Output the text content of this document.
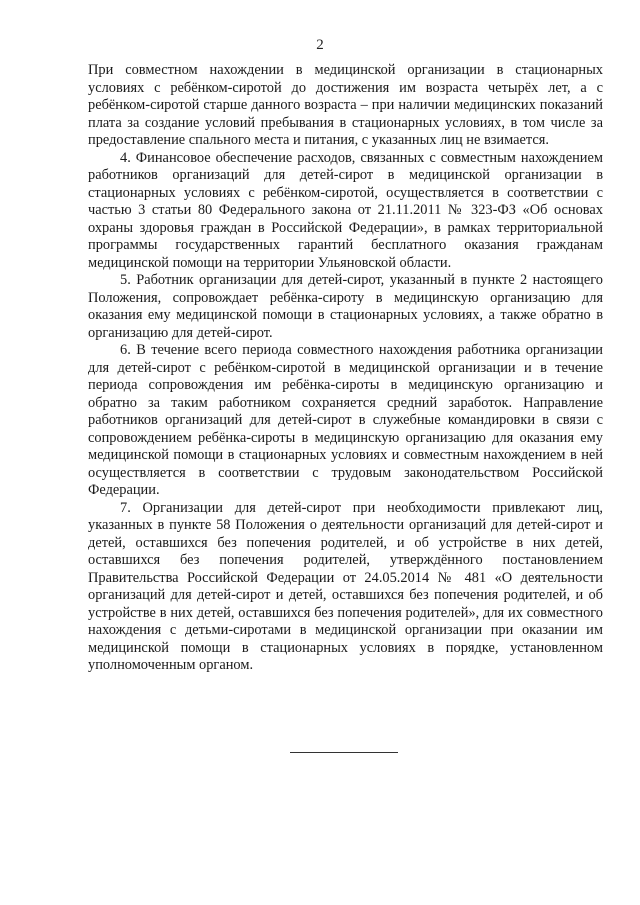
2

При совместном нахождении в медицинской организации в стационарных условиях с ребёнком-сиротой до достижения им возраста четырёх лет, а с ребёнком-сиротой старше данного возраста – при наличии медицинских показаний плата за создание условий пребывания в стационарных условиях, в том числе за предоставление спального места и питания, с указанных лиц не взимается.

4. Финансовое обеспечение расходов, связанных с совместным нахождением работников организаций для детей-сирот в медицинской организации в стационарных условиях с ребёнком-сиротой, осуществляется в соответствии с частью 3 статьи 80 Федерального закона от 21.11.2011 № 323-ФЗ «Об основах охраны здоровья граждан в Российской Федерации», в рамках территориальной программы государственных гарантий бесплатного оказания гражданам медицинской помощи на территории Ульяновской области.

5. Работник организации для детей-сирот, указанный в пункте 2 настоящего Положения, сопровождает ребёнка-сироту в медицинскую организацию для оказания ему медицинской помощи в стационарных условиях, а также обратно в организацию для детей-сирот.

6. В течение всего периода совместного нахождения работника организации для детей-сирот с ребёнком-сиротой в медицинской организации и в течение периода сопровождения им ребёнка-сироты в медицинскую организацию и обратно за таким работником сохраняется средний заработок. Направление работников организаций для детей-сирот в служебные командировки в связи с сопровождением ребёнка-сироты в медицинскую организацию для оказания ему медицинской помощи в стационарных условиях и совместным нахождением в ней осуществляется в соответствии с трудовым законодательством Российской Федерации.

7. Организации для детей-сирот при необходимости привлекают лиц, указанных в пункте 58 Положения о деятельности организаций для детей-сирот и детей, оставшихся без попечения родителей, и об устройстве в них детей, оставшихся без попечения родителей, утверждённого постановлением Правительства Российской Федерации от 24.05.2014 № 481 «О деятельности организаций для детей-сирот и детей, оставшихся без попечения родителей, и об устройстве в них детей, оставшихся без попечения родителей», для их совместного нахождения с детьми-сиротами в медицинской организации при оказании им медицинской помощи в стационарных условиях в порядке, установленном уполномоченным органом.
